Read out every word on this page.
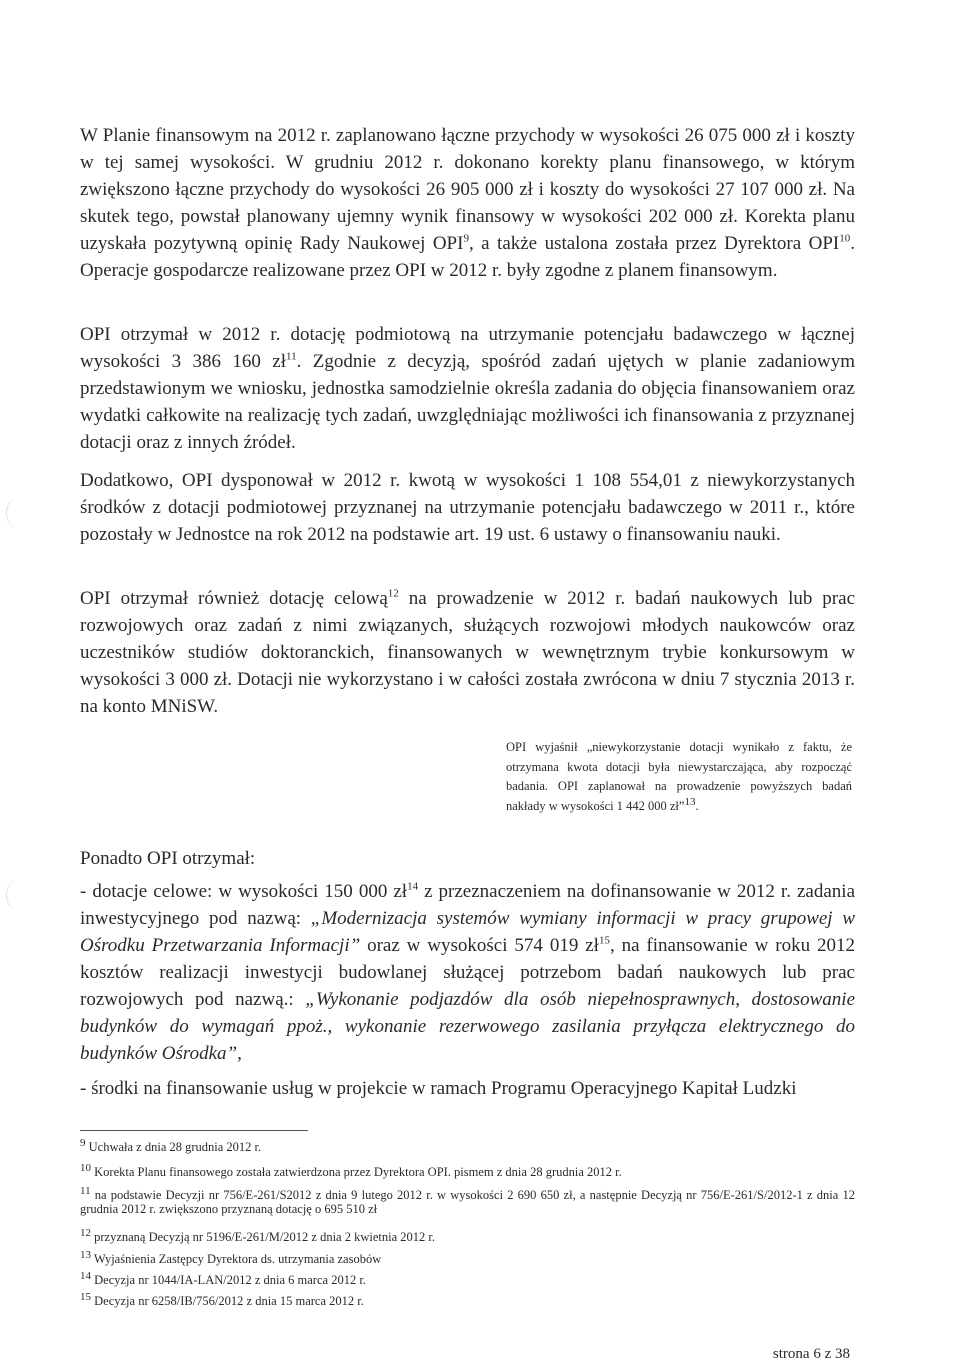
W Planie finansowym na 2012 r. zaplanowano łączne przychody w wysokości 26 075 000 zł i koszty w tej samej wysokości. W grudniu 2012 r. dokonano korekty planu finansowego, w którym zwiększono łączne przychody do wysokości 26 905 000 zł i koszty do wysokości 27 107 000 zł. Na skutek tego, powstał planowany ujemny wynik finansowy w wysokości 202 000 zł. Korekta planu uzyskała pozytywną opinię Rady Naukowej OPI$^9$, a także ustalona została przez Dyrektora OPI$^{10}$. Operacje gospodarcze realizowane przez OPI w 2012 r. były zgodne z planem finansowym.

OPI otrzymał w 2012 r. dotację podmiotową na utrzymanie potencjału badawczego w łącznej wysokości 3 386 160 $zł^{11}$. Zgodnie z decyzją, spośród zadań ujętych w planie zadaniowym przedstawionym we wniosku, jednostka samodzielnie określa zadania do objęcia finansowaniem oraz wydatki całkowite na realizację tych zadań, uwzględniając możliwości ich finansowania z przyznanej dotacji oraz z innych źródeł.

Dodatkowo, OPI dysponował w 2012 r. kwotą w wysokości 1 108 554,01 z niewykorzystanych środków z dotacji podmiotowej przyznanej na utrzymanie potencjału badawczego w 2011 r., które pozostały w Jednostce na rok 2012 na podstawie art. 19 ust. 6 ustawy o finansowaniu nauki.

OPI otrzymał również dotację celową$^{12}$ na prowadzenie w 2012 r. badań naukowych lub prac rozwojowych oraz zadań z nimi związanych, służących rozwojowi młodych naukowców oraz uczestników studiów doktoranckich, finansowanych w wewnętrznym trybie konkursowym w wysokości 3 000 zł. Dotacji nie wykorzystano i w całości została zwrócona w dniu 7 stycznia 2013 r. na konto MNiSW.

OPI wyjaśnił „niewykorzystanie dotacji wynikało z faktu, że otrzymana kwota dotacji była niewystarczająca, aby rozpocząć badania. OPI zaplanował na prowadzenie powyższych badań nakłady w wysokości 1 442 000 zł”$^{13}$.

Ponadto OPI otrzymał:

- dotacje celowe: w wysokości 150 000 $zł^{14}$ z przeznaczeniem na dofinansowanie w 2012 r. zadania inwestycyjnego pod nazwą: „Modernizacja systemów wymiany informacji w pracy grupowej w Ośrodku Przetwarzania Informacji” oraz w wysokości 574 019 $zł^{15}$, na finansowanie w roku 2012 kosztów realizacji inwestycji budowlanej służącej potrzebom badań naukowych lub prac rozwojowych pod nazwą.: „Wykonanie podjazdów dla osób niepełnosprawnych, dostosowanie budynków do wymagań ppoż., wykonanie rezerwowego zasilania przyłącza elektrycznego do budynków Ośrodka”,

- środki na finansowanie usług w projekcie w ramach Programu Operacyjnego Kapitał Ludzki

$^9$ Uchwała z dnia 28 grudnia 2012 r.

$^{10}$ Korekta Planu finansowego została zatwierdzona przez Dyrektora OPI. pismem z dnia 28 grudnia 2012 r.

$^{11}$ na podstawie Decyzji nr 756/E-261/S2012 z dnia 9 lutego 2012 r. w wysokości 2 690 650 zł, a następnie Decyzją nr 756/E-261/S/2012-1 z dnia 12 grudnia 2012 r. zwiększono przyznaną dotację o 695 510 zł

$^{12}$ przyznaną Decyzją nr 5196/E-261/M/2012 z dnia 2 kwietnia 2012 r.

$^{13}$ Wyjaśnienia Zastępcy Dyrektora ds. utrzymania zasobów

$^{14}$ Decyzja nr 1044/IA-LAN/2012 z dnia 6 marca 2012 r.

$^{15}$ Decyzja nr 6258/IB/756/2012 z dnia 15 marca 2012 r.

strona 6 z 38
